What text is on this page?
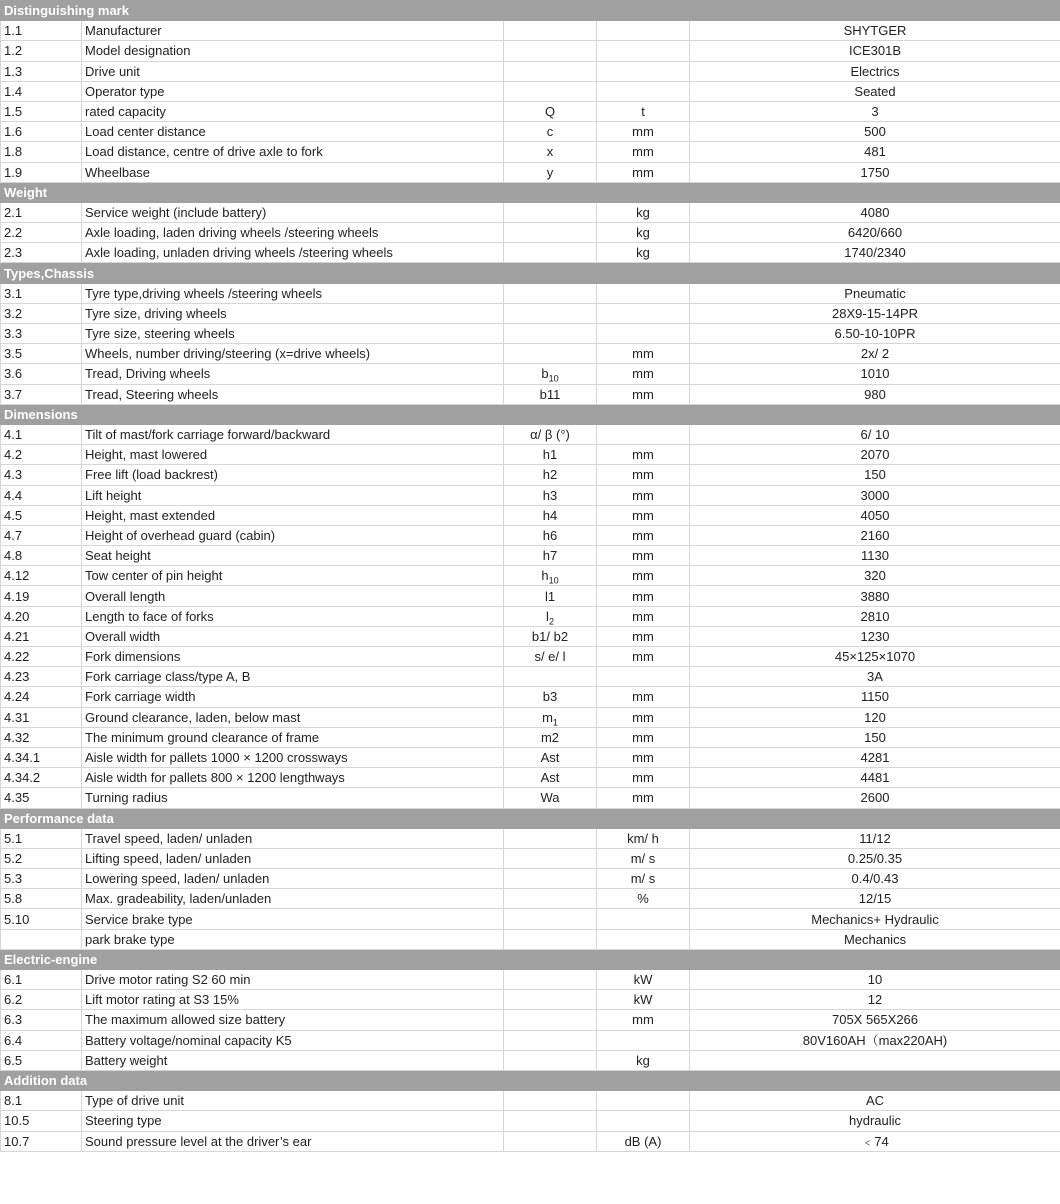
Distinguishing mark				
1.1	Manufacturer			SHYTGER
1.2	Model designation			ICE301B
1.3	Drive unit			Electrics
1.4	Operator type			Seated
1.5	rated capacity	Q	t	3
1.6	Load center distance	c	mm	500
1.8	Load distance, centre of drive axle to fork	x	mm	481
1.9	Wheelbase	y	mm	1750
Weight				
2.1	Service weight (include battery)		kg	4080
2.2	Axle loading, laden driving wheels /steering wheels		kg	6420/660
2.3	Axle loading, unladen driving wheels /steering wheels		kg	1740/2340
Types,Chassis				
3.1	Tyre type,driving wheels /steering wheels			Pneumatic
3.2	Tyre size, driving wheels			28X9-15-14PR
3.3	Tyre size, steering wheels			6.50-10-10PR
3.5	Wheels, number driving/steering (x=drive wheels)		mm	2x/ 2
3.6	Tread, Driving wheels	$b_{10}$	mm	1010
3.7	Tread, Steering wheels	b11	mm	980
Dimensions				
4.1	Tilt of mast/fork carriage forward/backward	α/ β (°)		6/ 10
4.2	Height, mast lowered	h1	mm	2070
4.3	Free lift (load backrest)	h2	mm	150
4.4	Lift height	h3	mm	3000
4.5	Height, mast extended	h4	mm	4050
4.7	Height of overhead guard (cabin)	h6	mm	2160
4.8	Seat height	h7	mm	1130
4.12	Tow center of pin height	$h_{10}$	mm	320
4.19	Overall length	l1	mm	3880
4.20	Length to face of forks	$l_2$	mm	2810
4.21	Overall width	b1/ b2	mm	1230
4.22	Fork dimensions	s/ e/ l	mm	45×125×1070
4.23	Fork carriage class/type A, B			3A
4.24	Fork carriage width	b3	mm	1150
4.31	Ground clearance, laden, below mast	$m_1$	mm	120
4.32	The minimum ground clearance of frame	m2	mm	150
4.34.1	Aisle width for pallets 1000 × 1200 crossways	Ast	mm	4281
4.34.2	Aisle width for pallets 800 × 1200 lengthways	Ast	mm	4481
4.35	Turning radius	Wa	mm	2600
Performance data				
5.1	Travel speed, laden/ unladen		km/ h	11/12
5.2	Lifting speed, laden/ unladen		m/ s	0.25/0.35
5.3	Lowering speed, laden/ unladen		m/ s	0.4/0.43
5.8	Max. gradeability, laden/unladen		%	12/15
5.10	Service brake type			Mechanics+ Hydraulic
	park brake type			Mechanics
Electric-engine				
6.1	Drive motor rating S2 60 min		kW	10
6.2	Lift motor rating at S3 15%		kW	12
6.3	The maximum allowed size battery		mm	705X 565X266
6.4	Battery voltage/nominal capacity K5			80V160AH（max220AH)
6.5	Battery weight		kg	
Addition data				
8.1	Type of drive unit			AC
10.5	Steering type			hydraulic
10.7	Sound pressure level at the driver’s ear		dB (A)	﹤74
